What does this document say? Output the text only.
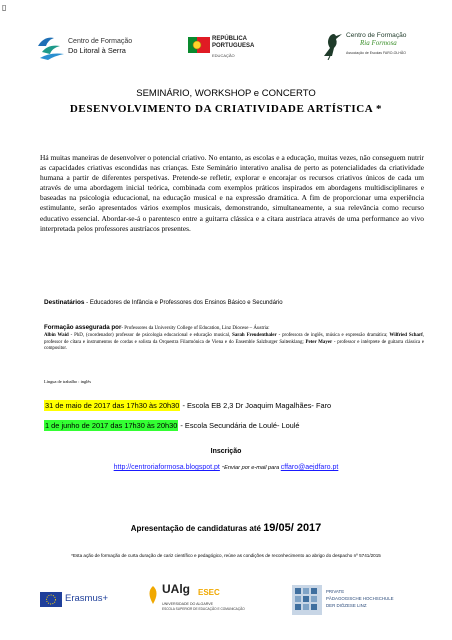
▯
Centro de Formação
Do Litoral à Serra
REPÚBLICA
PORTUGUESA
EDUCAÇÃO
Centro de Formação
Ria Formosa
Associação de Escolas FARO-OLHÃO
SEMINÁRIO, WORKSHOP e CONCERTO
DESENVOLVIMENTO DA CRIATIVIDADE ARTÍSTICA *
Há muitas maneiras de desenvolver o potencial criativo. No entanto, as escolas e a educação, muitas vezes, não conseguem nutrir as capacidades criativas escondidas nas crianças. Este Seminário interativo analisa de perto as potencialidades da criatividade humana a partir de diferentes perspetivas. Pretende-se refletir, explorar e encorajar os recursos criativos únicos de cada um através de uma abordagem inicial teórica, combinada com exemplos práticos inspirados em abordagens multidisciplinares e baseadas na psicologia educacional, na educação musical e na expressão dramática. A fim de proporcionar uma experiência estimulante, serão apresentados vários exemplos musicais, demonstrando, simultaneamente, a sua relevância como recurso educativo essencial. Abordar-se-á o parentesco entre a guitarra clássica e a cítara austríaca através de uma performance ao vivo interpretada pelos professores austríacos presentes.
Destinatários - Educadores de Infância e Professores dos Ensinos Básico e Secundário
Formação assegurada por- Professores da University College of Education, Linz Diocese – Áustria:
Albin Waid - PhD, (coordenador) professor de psicologia educacional e educação musical, Sarah Freudenthaler - professora de inglês, música e expressão dramática; Wilfried Scharf, professor de cítara e instrumentos de cordas e solista da Orquestra Filarmónica de Viena e do Ensemble Salzburger Saitenklang; Peter Mayer - professor e intérprete de guitarra clássica e compositor.
Língua de trabalho : inglês
31 de maio de 2017 das 17h30 às 20h30 - Escola EB 2,3 Dr Joaquim Magalhães- Faro
1 de junho de 2017 das 17h30 às 20h30 - Escola Secundária de Loulé- Loulé
Inscrição
http://centroriaformosa.blogspot.pt -Enviar por e-mail para cffaro@aejdfaro.pt
Apresentação de candidaturas até 19/05/ 2017
*Esta ação de formação de curta duração de cariz científico e pedagógico, reúne as condições de reconhecimento ao abrigo do despacho nº 5741/2015
Erasmus+
UAlg ESEC
UNIVERSIDADE DO ALGARVE
ESCOLA SUPERIOR DE EDUCAÇÃO E COMUNICAÇÃO
PRIVATE
PÄDAGOGISCHE HOCHSCHULE
DER DIÖZESE LINZ
